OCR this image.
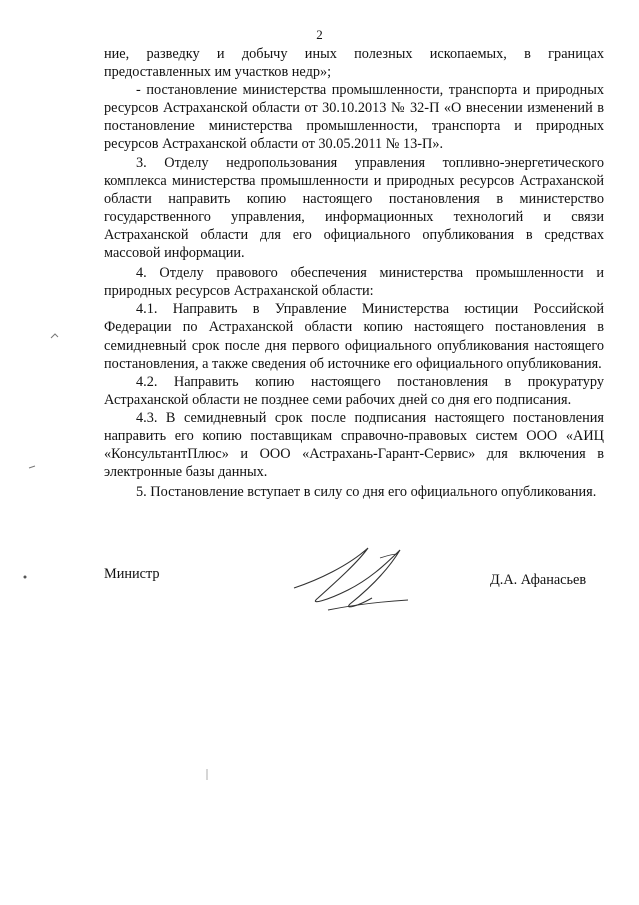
2

ние, разведку и добычу иных полезных ископаемых, в границах предоставленных им участков недр»;

- постановление министерства промышленности, транспорта и природных ресурсов Астраханской области от 30.10.2013 № 32-П «О внесении изменений в постановление министерства промышленности, транспорта и природных ресурсов Астраханской области от 30.05.2011 № 13-П».

3. Отделу недропользования управления топливно-энергетического комплекса министерства промышленности и природных ресурсов Астраханской области направить копию настоящего постановления в министерство государственного управления, информационных технологий и связи Астраханской области для его официального опубликования в средствах массовой информации.

4. Отделу правового обеспечения министерства промышленности и природных ресурсов Астраханской области:

4.1. Направить в Управление Министерства юстиции Российской Федерации по Астраханской области копию настоящего постановления в семидневный срок после дня первого официального опубликования настоящего постановления, а также сведения об источнике его официального опубликования.

4.2. Направить копию настоящего постановления в прокуратуру Астраханской области не позднее семи рабочих дней со дня его подписания.

4.3. В семидневный срок после подписания настоящего постановления направить его копию поставщикам справочно-правовых систем ООО «АИЦ «КонсультантПлюс» и ООО «Астрахань-Гарант-Сервис» для включения в электронные базы данных.

5. Постановление вступает в силу со дня его официального опубликования.

Министр	Д.А. Афанасьев
